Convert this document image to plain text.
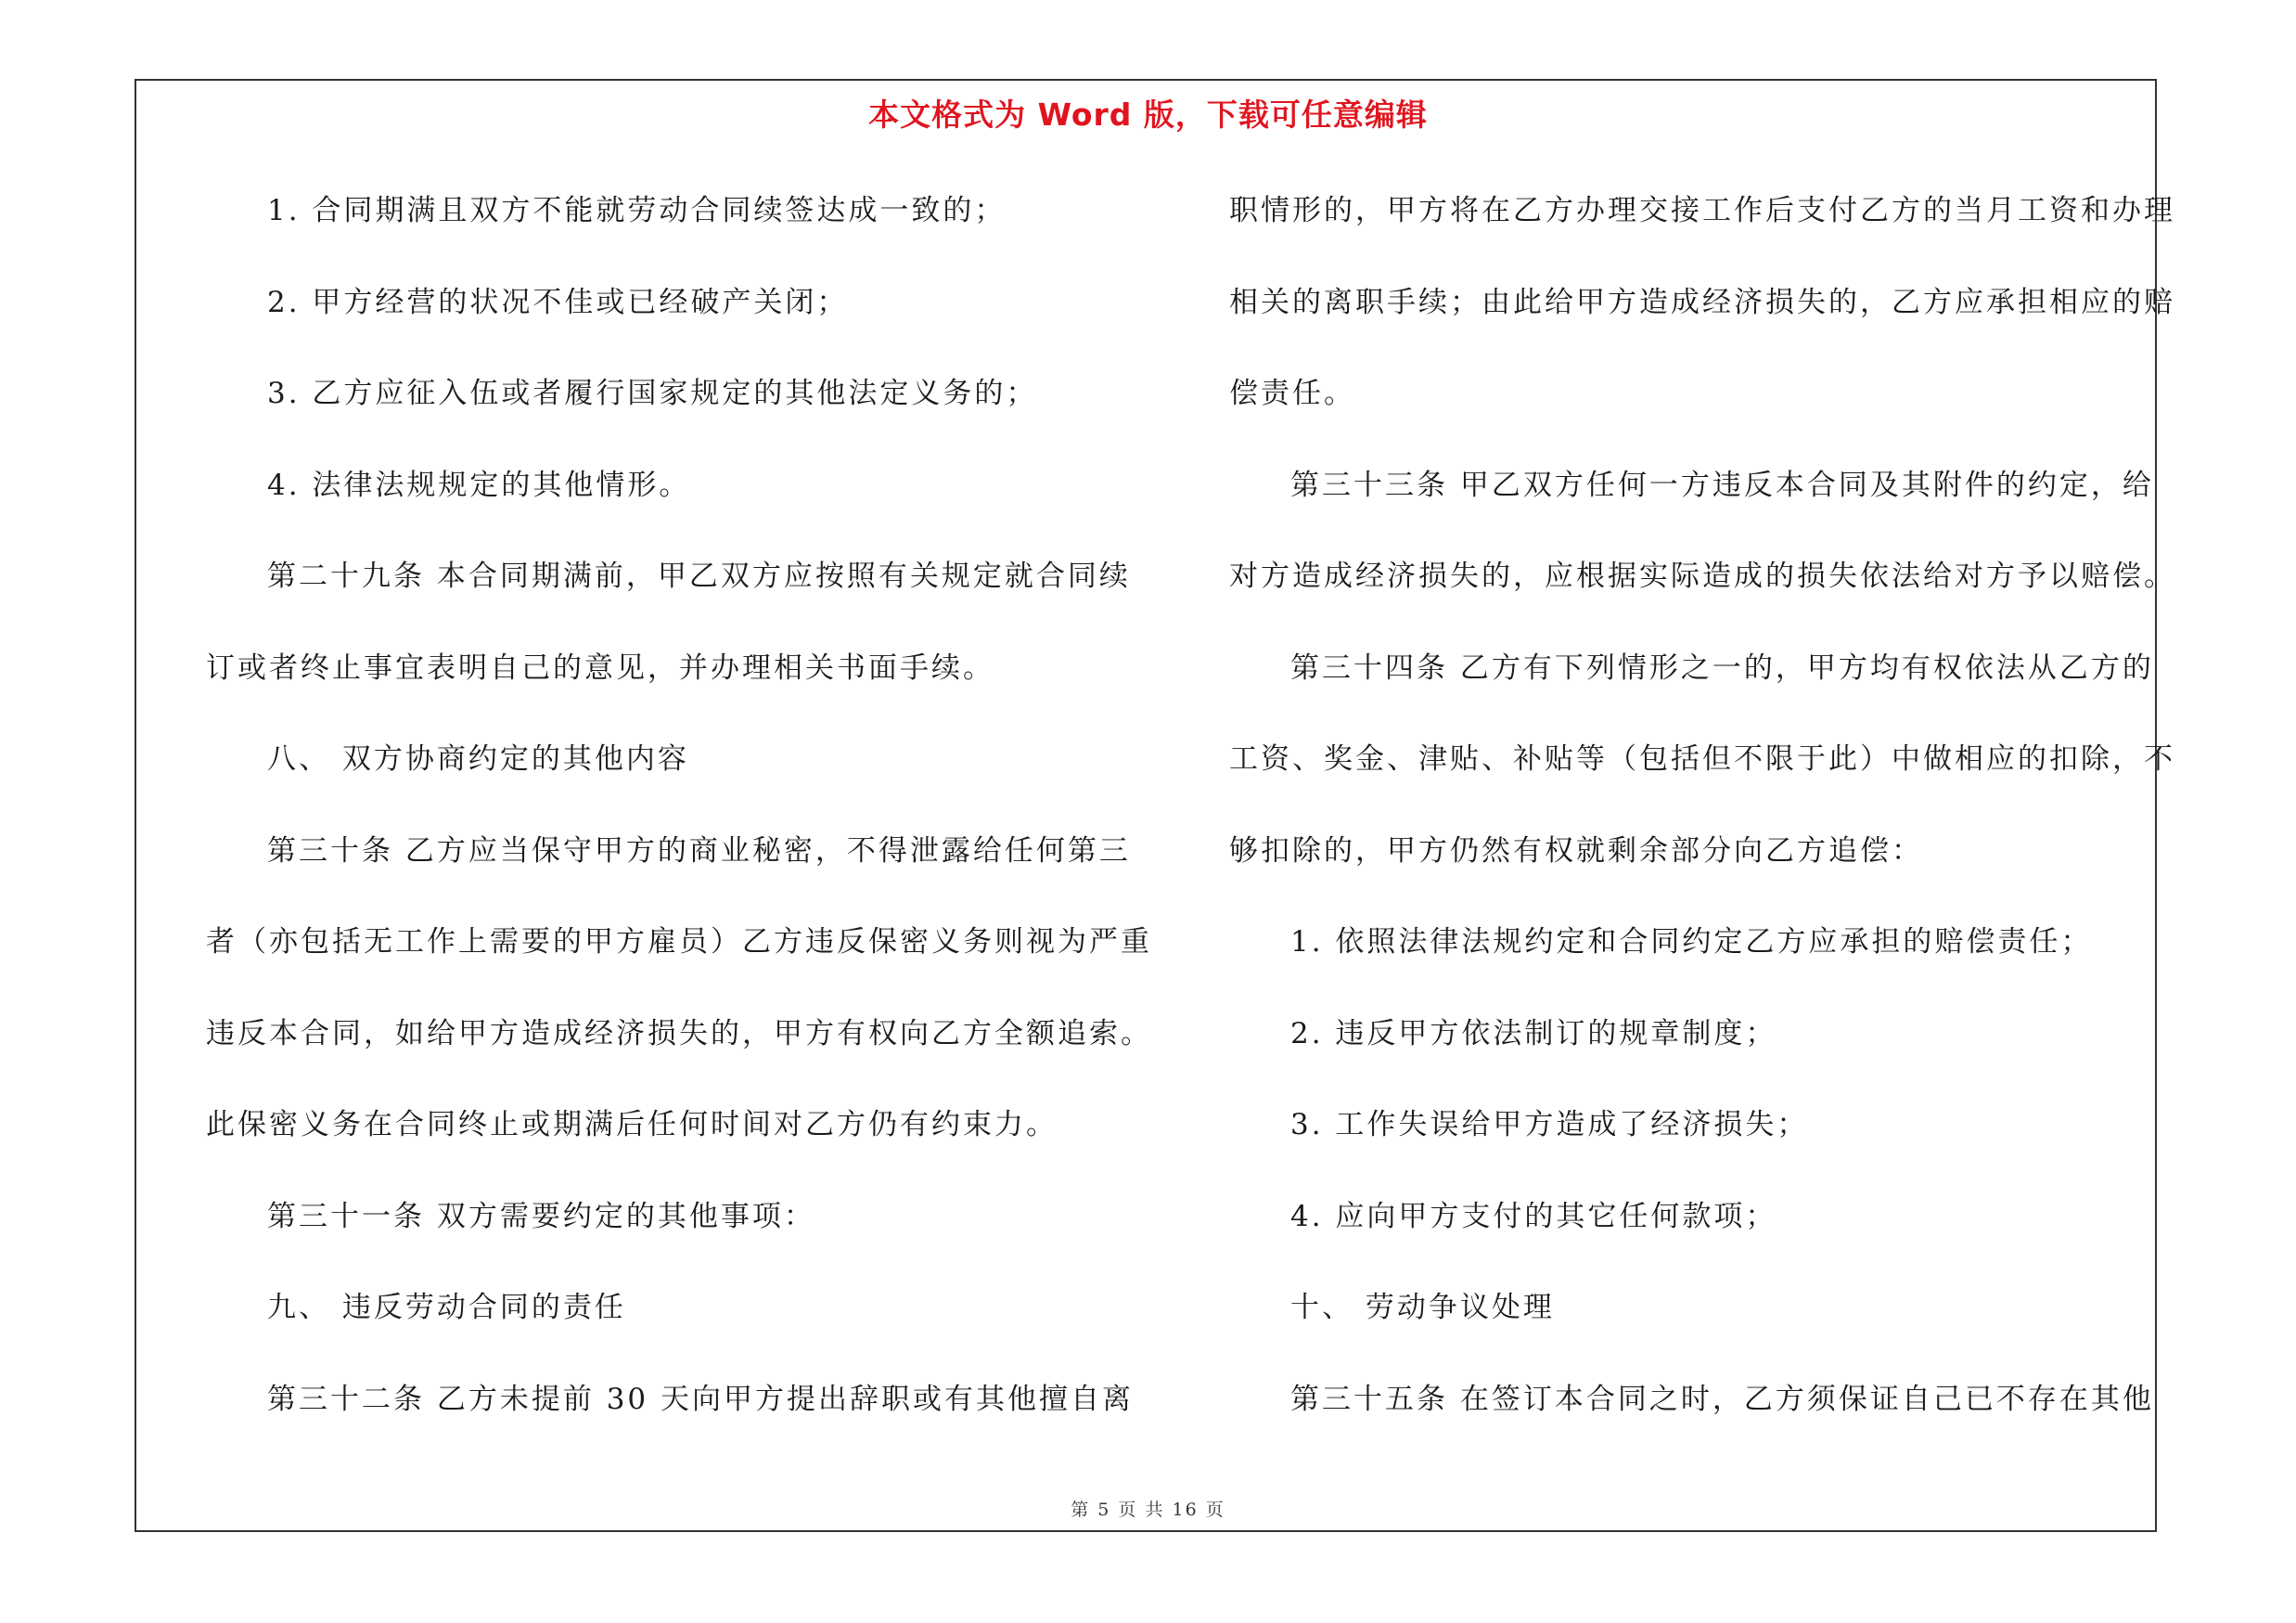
本文格式为 Word 版，下载可任意编辑
1. 合同期满且双方不能就劳动合同续签达成一致的；
2. 甲方经营的状况不佳或已经破产关闭；
3. 乙方应征入伍或者履行国家规定的其他法定义务的；
4. 法律法规规定的其他情形。
第二十九条 本合同期满前，甲乙双方应按照有关规定就合同续
订或者终止事宜表明自己的意见，并办理相关书面手续。
八、 双方协商约定的其他内容
第三十条 乙方应当保守甲方的商业秘密，不得泄露给任何第三
者（亦包括无工作上需要的甲方雇员）乙方违反保密义务则视为严重
违反本合同，如给甲方造成经济损失的，甲方有权向乙方全额追索。
此保密义务在合同终止或期满后任何时间对乙方仍有约束力。
第三十一条 双方需要约定的其他事项：
九、 违反劳动合同的责任
第三十二条 乙方未提前 30 天向甲方提出辞职或有其他擅自离
职情形的，甲方将在乙方办理交接工作后支付乙方的当月工资和办理
相关的离职手续；由此给甲方造成经济损失的，乙方应承担相应的赔
偿责任。
第三十三条 甲乙双方任何一方违反本合同及其附件的约定，给
对方造成经济损失的，应根据实际造成的损失依法给对方予以赔偿。
第三十四条 乙方有下列情形之一的，甲方均有权依法从乙方的
工资、奖金、津贴、补贴等（包括但不限于此）中做相应的扣除，不
够扣除的，甲方仍然有权就剩余部分向乙方追偿：
1. 依照法律法规约定和合同约定乙方应承担的赔偿责任；
2. 违反甲方依法制订的规章制度；
3. 工作失误给甲方造成了经济损失；
4. 应向甲方支付的其它任何款项；
十、 劳动争议处理
第三十五条 在签订本合同之时，乙方须保证自己已不存在其他
第 5 页 共 16 页
